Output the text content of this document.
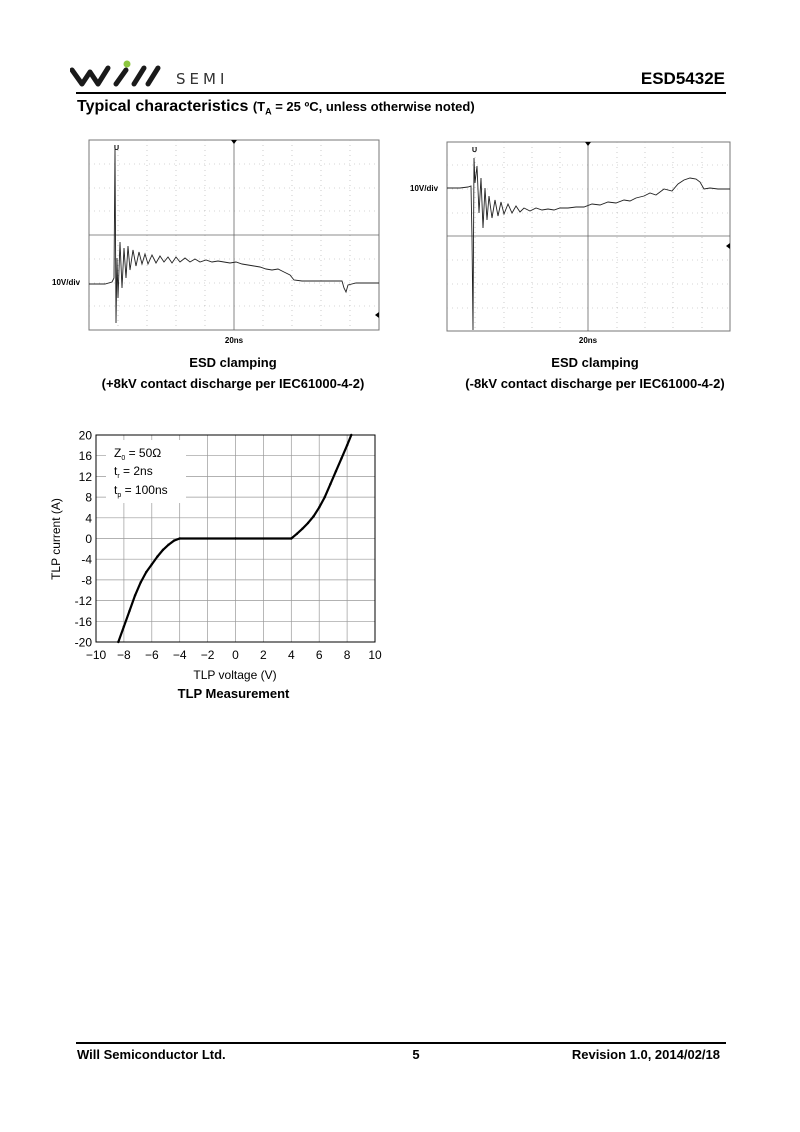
SEMI	ESD5432E
Typical characteristics ($T_A = 25$ ºC, unless otherwise noted)
U
10V/div
20ns
ESD clamping
(+8kV contact discharge per IEC61000-4-2)
U
10V/div
20ns
ESD clamping
(-8kV contact discharge per IEC61000-4-2)
−10 −8 −6 −4 −2 0 2 4 6 8 10
20
16
12
8
4
0
-4
-8
-12
-16
-20
$Z_0 = 50\Omega$
$t_r = 2ns$
$t_p = 100ns$
TLP voltage (V)
TLP current (A)
TLP Measurement
Will Semiconductor Ltd.	5	Revision 1.0, 2014/02/18
